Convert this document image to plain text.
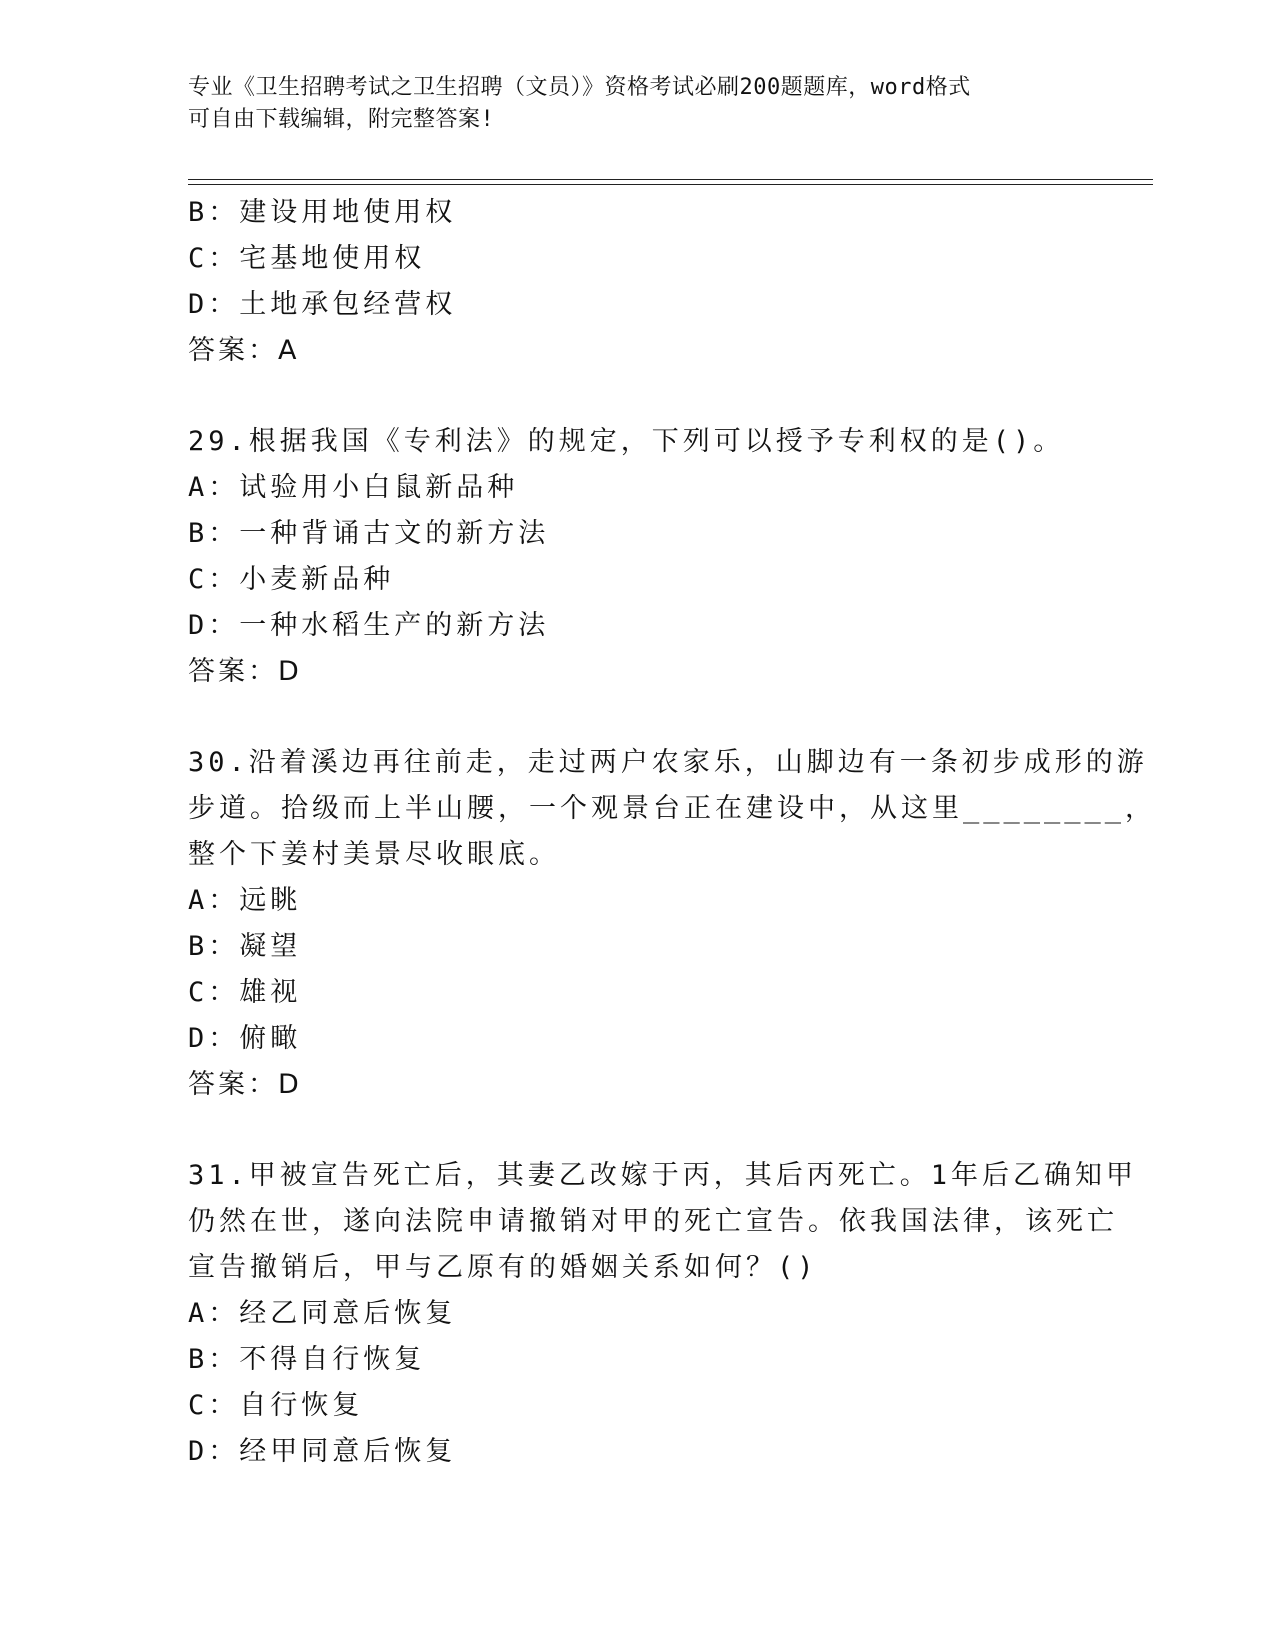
专业《卫生招聘考试之卫生招聘（文员）》资格考试必刷200题题库，word格式
可自由下载编辑，附完整答案!
B：建设用地使用权
C：宅基地使用权
D：土地承包经营权
答案：A
29.根据我国《专利法》的规定，下列可以授予专利权的是()。
A：试验用小白鼠新品种
B：一种背诵古文的新方法
C：小麦新品种
D：一种水稻生产的新方法
答案：D
30.沿着溪边再往前走，走过两户农家乐，山脚边有一条初步成形的游
步道。拾级而上半山腰，一个观景台正在建设中，从这里________，
整个下姜村美景尽收眼底。
A：远眺
B：凝望
C：雄视
D：俯瞰
答案：D
31.甲被宣告死亡后，其妻乙改嫁于丙，其后丙死亡。1年后乙确知甲
仍然在世，遂向法院申请撤销对甲的死亡宣告。依我国法律，该死亡
宣告撤销后，甲与乙原有的婚姻关系如何？()
A：经乙同意后恢复
B：不得自行恢复
C：自行恢复
D：经甲同意后恢复
